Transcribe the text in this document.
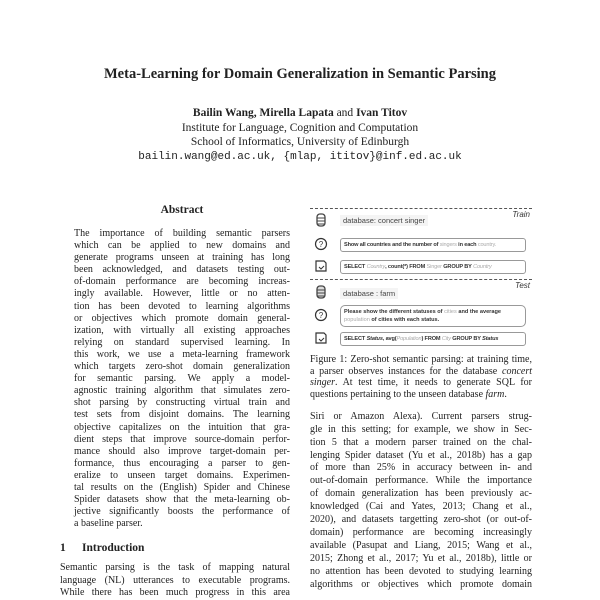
Meta-Learning for Domain Generalization in Semantic Parsing
Bailin Wang, Mirella Lapata and Ivan Titov
Institute for Language, Cognition and Computation
School of Informatics, University of Edinburgh
bailin.wang@ed.ac.uk, {mlap, ititov}@inf.ed.ac.uk
Abstract
The importance of building semantic parsers
which can be applied to new domains and
generate programs unseen at training has long
been acknowledged, and datasets testing out-
of-domain performance are becoming increas-
ingly available. However, little or no atten-
tion has been devoted to learning algorithms
or objectives which promote domain general-
ization, with virtually all existing approaches
relying on standard supervised learning. In
this work, we use a meta-learning framework
which targets zero-shot domain generalization
for semantic parsing. We apply a model-
agnostic training algorithm that simulates zero-
shot parsing by constructing virtual train and
test sets from disjoint domains. The learning
objective capitalizes on the intuition that gra-
dient steps that improve source-domain perfor-
mance should also improve target-domain per-
formance, thus encouraging a parser to gen-
eralize to unseen target domains. Experimen-
tal results on the (English) Spider and Chinese
Spider datasets show that the meta-learning ob-
jective significantly boosts the performance of
a baseline parser.
1 Introduction
Semantic parsing is the task of mapping natural
language (NL) utterances to executable programs.
While there has been much progress in this area
Train
database: concert singer
?	Show all countries and the number of singers in each country.
SELECT Country, count(*) FROM Singer GROUP BY Country
Test
database : farm
?	Please show the different statuses of cities and the average population of cities with each status.
SELECT Status, avg(Population) FROM City GROUP BY Status
Figure 1: Zero-shot semantic parsing: at training time, a parser observes instances for the database concert singer. At test time, it needs to generate SQL for questions pertaining to the unseen database farm.
Siri or Amazon Alexa). Current parsers strug-
gle in this setting; for example, we show in Sec-
tion 5 that a modern parser trained on the chal-
lenging Spider dataset (Yu et al., 2018b) has a gap
of more than 25% in accuracy between in- and
out-of-domain performance. While the importance
of domain generalization has been previously ac-
knowledged (Cai and Yates, 2013; Chang et al.,
2020), and datasets targetting zero-shot (or out-of-
domain) performance are becoming increasingly
available (Pasupat and Liang, 2015; Wang et al.,
2015; Zhong et al., 2017; Yu et al., 2018b), little or
no attention has been devoted to studying learning
algorithms or objectives which promote domain
